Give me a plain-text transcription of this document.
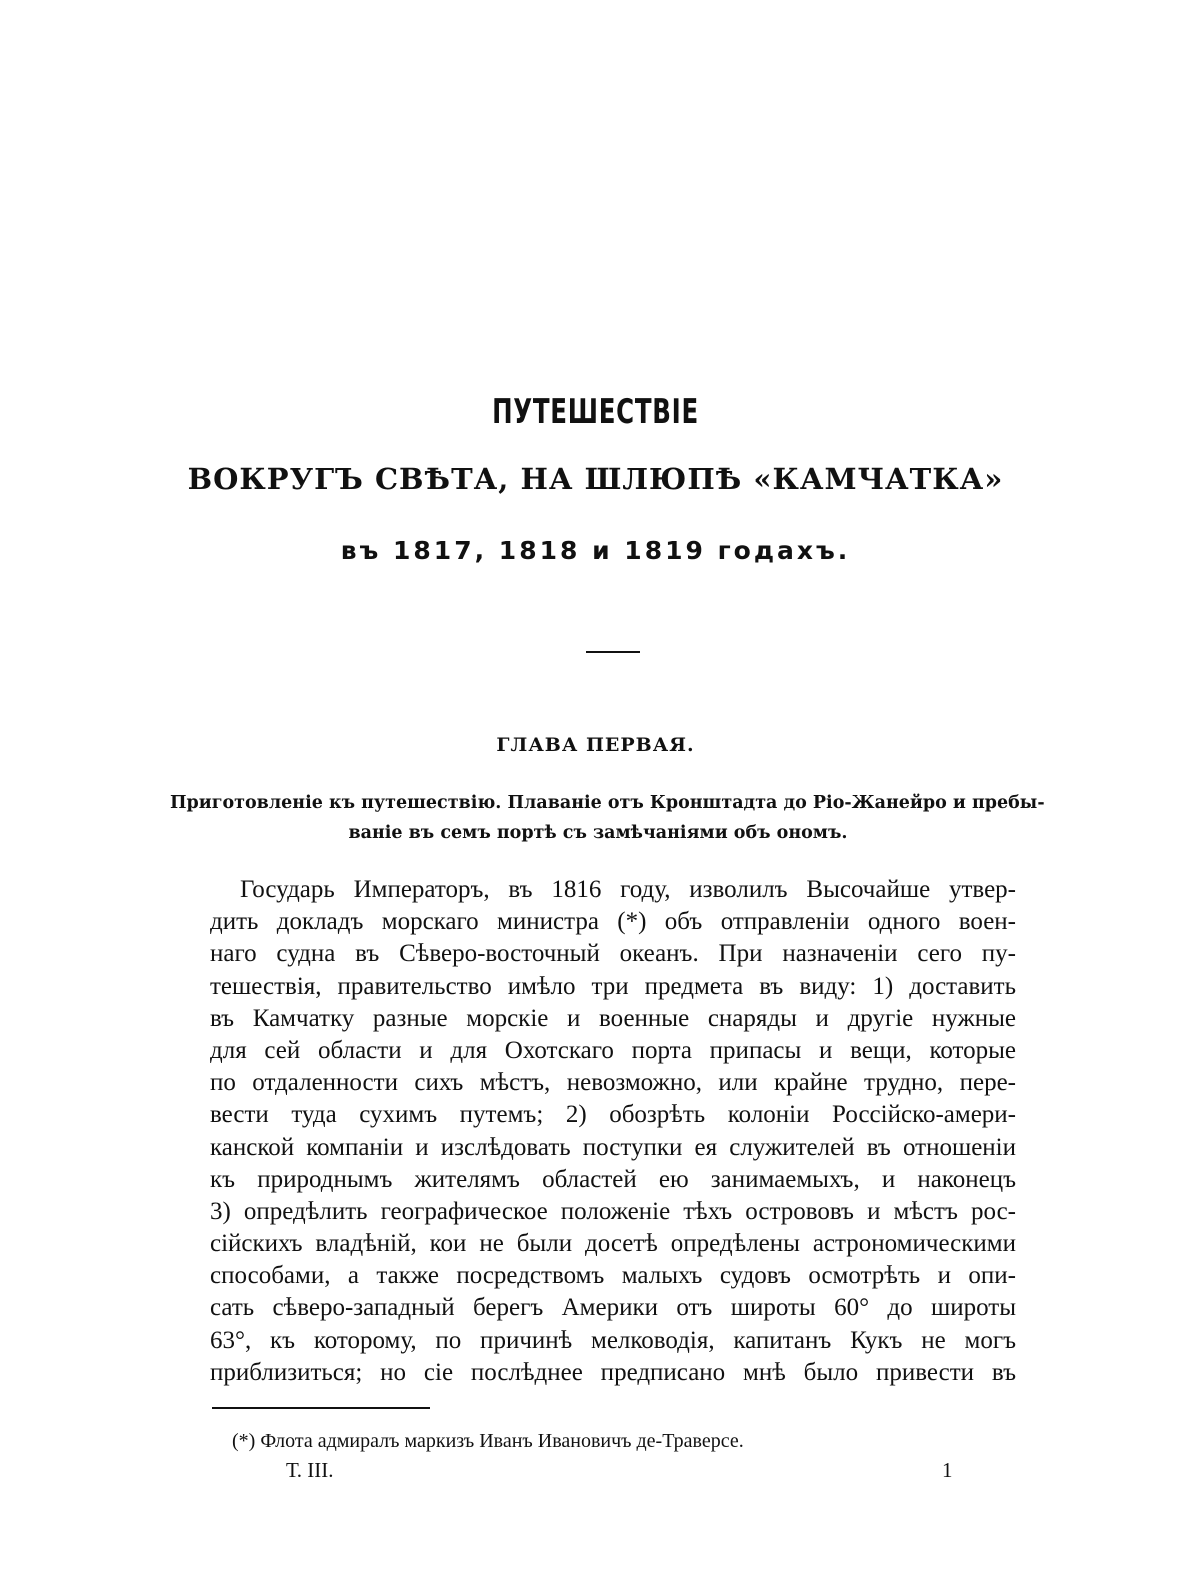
ПУТЕШЕСТВІЕ
ВОКРУГЪ СВѢТА, НА ШЛЮПѢ «КАМЧАТКА»
въ 1817, 1818 и 1819 годахъ.
ГЛАВА ПЕРВАЯ.
Приготовленіе къ путешествію. Плаваніе отъ Кронштадта до Ріо-Жанейро и пребы-
ваніе въ семъ портѣ съ замѣчаніями объ ономъ.
Государь Императоръ, въ 1816 году, изволилъ Высочайше утвер-
дить докладъ морскаго министра (*) объ отправленіи одного воен-
наго судна въ Сѣверо-восточный океанъ. При назначеніи сего пу-
тешествія, правительство имѣло три предмета въ виду: 1) доставить
въ Камчатку разные морскіе и военные снаряды и другіе нужные
для сей области и для Охотскаго порта припасы и вещи, которые
по отдаленности сихъ мѣстъ, невозможно, или крайне трудно, пере-
вести туда сухимъ путемъ; 2) обозрѣть колоніи Россійско-амери-
канской компаніи и изслѣдовать поступки ея служителей въ отношеніи
къ природнымъ жителямъ областей ею занимаемыхъ, и наконецъ
3) опредѣлить географическое положеніе тѣхъ острововъ и мѣстъ рос-
сійскихъ владѣній, кои не были досетѣ опредѣлены астрономическими
способами, а также посредствомъ малыхъ судовъ осмотрѣть и опи-
сать сѣверо-западный берегъ Америки отъ широты 60° до широты
63°, къ которому, по причинѣ мелководія, капитанъ Кукъ не могъ
приблизиться; но сіе послѣднее предписано мнѣ было привести въ
(*) Флота адмиралъ маркизъ Иванъ Ивановичъ де-Траверсе.
Т. III.	1
